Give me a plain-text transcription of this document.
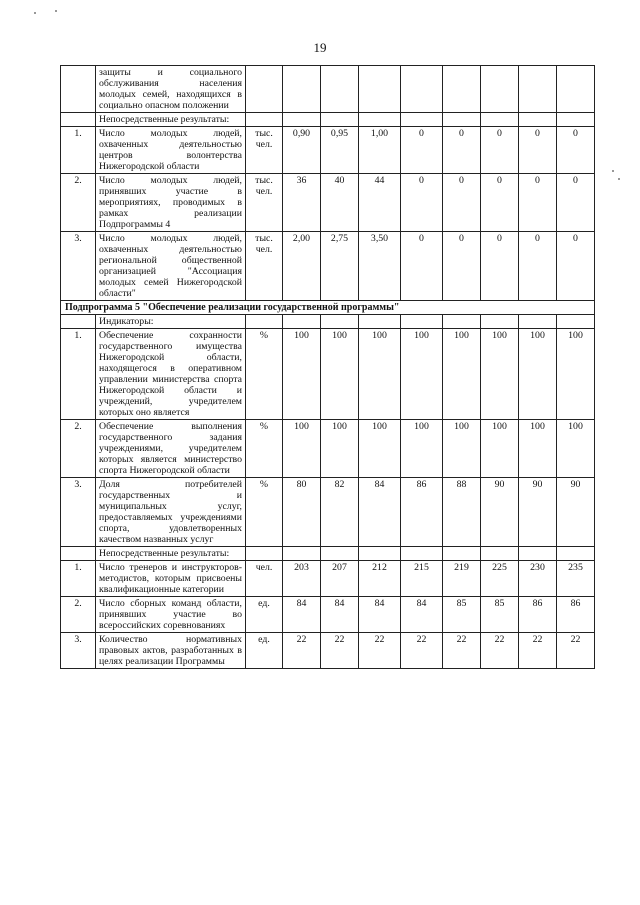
19
	защиты и социального обслуживания населения молодых семей, находящихся в социально опасном положении									
	Непосредственные результаты:									
1.	Число молодых людей, охваченных деятельностью центров волонтерства Нижегородской области	тыс. чел.	0,90	0,95	1,00	0	0	0	0	0
2.	Число молодых людей, принявших участие в мероприятиях, проводимых в рамках реализации Подпрограммы 4	тыс. чел.	36	40	44	0	0	0	0	0
3.	Число молодых людей, охваченных деятельностью региональной общественной организацией "Ассоциация молодых семей Нижегородской области"	тыс. чел.	2,00	2,75	3,50	0	0	0	0	0
Подпрограмма 5 "Обеспечение реализации государственной программы"										
	Индикаторы:									
1.	Обеспечение сохранности государственного имущества Нижегородской области, находящегося в оперативном управлении министерства спорта Нижегородской области и учреждений, учредителем которых оно является	%	100	100	100	100	100	100	100	100
2.	Обеспечение выполнения государственного задания учреждениями, учредителем которых является министерство спорта Нижегородской области	%	100	100	100	100	100	100	100	100
3.	Доля потребителей государственных и муниципальных услуг, предоставляемых учреждениями спорта, удовлетворенных качеством названных услуг	%	80	82	84	86	88	90	90	90
	Непосредственные результаты:									
1.	Число тренеров и инструкторов-методистов, которым присвоены квалификационные категории	чел.	203	207	212	215	219	225	230	235
2.	Число сборных команд области, принявших участие во всероссийских соревнованиях	ед.	84	84	84	84	85	85	86	86
3.	Количество нормативных правовых актов, разработанных в целях реализации Программы	ед.	22	22	22	22	22	22	22	22
